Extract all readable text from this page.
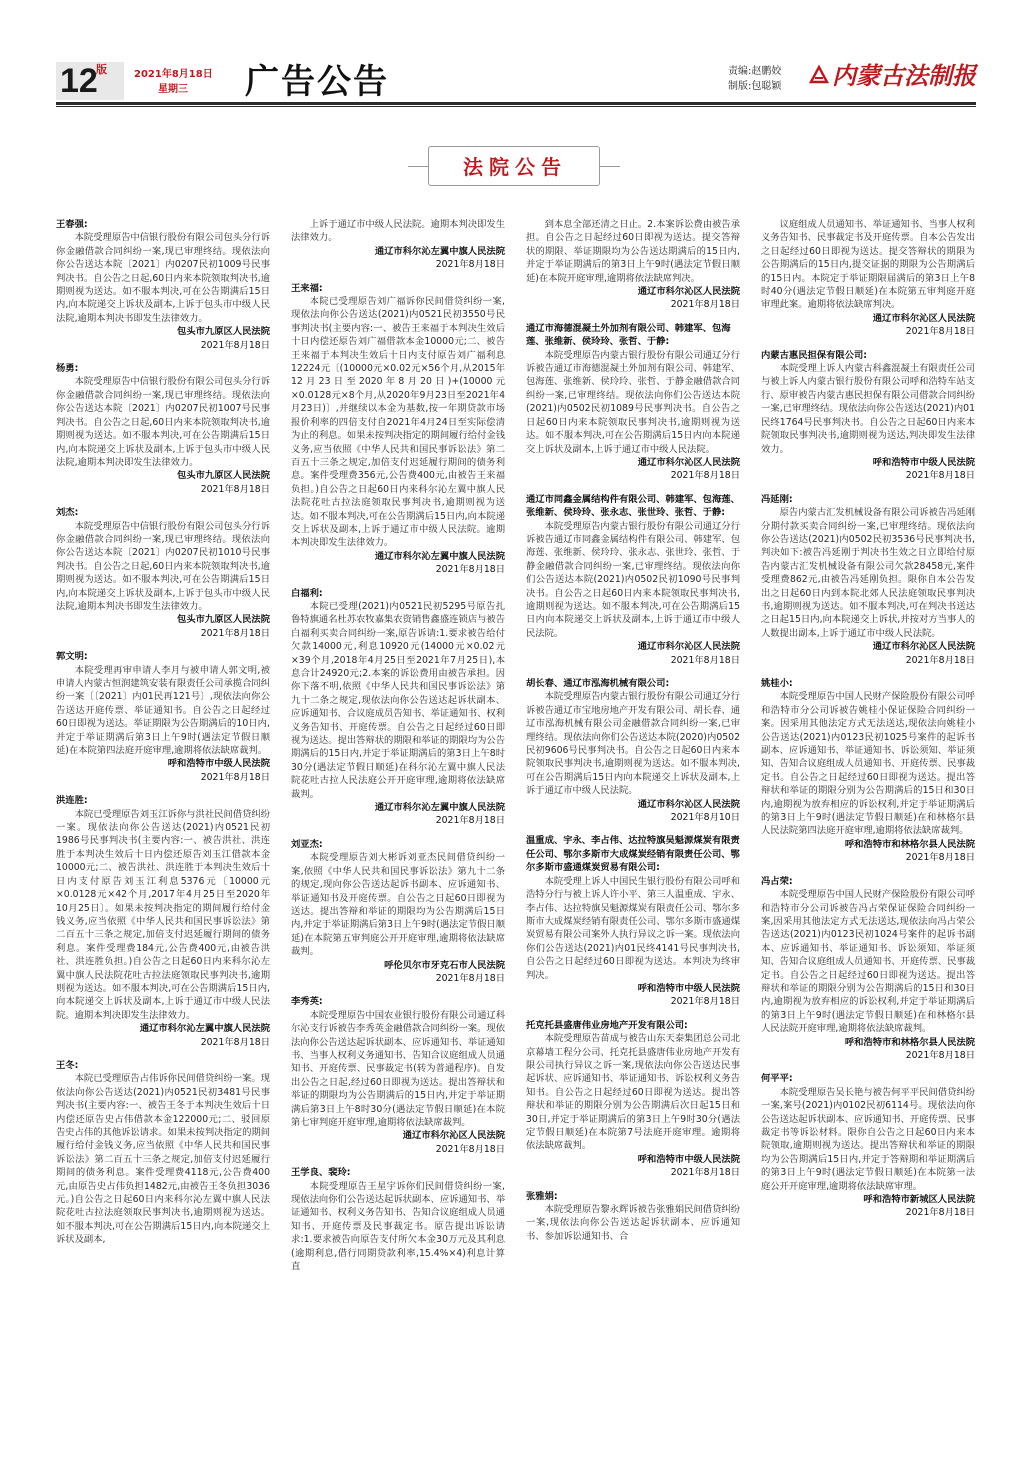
12
版	2021年8月18日
星期三 广告公告	责编:赵鹏姣
制版:包聪颖 内蒙古法制报
法院公告
王春强:
本院受理原告中信银行股份有限公司包头分行诉你金融借款合同纠纷一案,现已审理终结。现依法向你公告送达本院〔2021〕内0207民初1009号民事判决书。自公告之日起,60日内来本院领取判决书,逾期则视为送达。如不服本判决,可在公告期满后15日内,向本院递交上诉状及副本,上诉于包头市中级人民法院,逾期本判决书即发生法律效力。
包头市九原区人民法院
2021年8月18日
杨勇:
本院受理原告中信银行股份有限公司包头分行诉你金融借款合同纠纷一案,现已审理终结。现依法向你公告送达本院〔2021〕内0207民初1007号民事判决书。自公告之日起,60日内来本院领取判决书,逾期则视为送达。如不服本判决,可在公告期满后15日内,向本院递交上诉状及副本,上诉于包头市中级人民法院,逾期本判决即发生法律效力。
包头市九原区人民法院
2021年8月18日
刘杰:
本院受理原告中信银行股份有限公司包头分行诉你金融借款合同纠纷一案,现已审理终结。现依法向你公告送达本院〔2021〕内0207民初1010号民事判决书。自公告之日起,60日内来本院领取判决书,逾期则视为送达。如不服本判决,可在公告期满后15日内,向本院递交上诉状及副本,上诉于包头市中级人民法院,逾期本判决书即发生法律效力。
包头市九原区人民法院
2021年8月18日
郭文明:
本院受理再审申请人李月与被申请人郭文明,被申请人内蒙古恒润建筑安装有限责任公司承揽合同纠纷一案〔〔2021〕内01民再121号〕,现依法向你公告送达开庭传票、举证通知书。自公告之日起经过60日即视为送达。举证期限为公告期满后的10日内,并定于举证期满后第3日上午9时(遇法定节假日顺延)在本院第四法庭开庭审理,逾期将依法缺席裁判。
呼和浩特市中级人民法院
2021年8月18日
洪连胜:
本院已受理原告刘玉江诉你与洪社民间借贷纠纷一案。现依法向你公告送达(2021)内0521民初1986号民事判决书(主要内容:一、被告洪社、洪连胜于本判决生效后十日内偿还原告刘玉江借款本金10000元;二、被告洪社、洪连胜于本判决生效后十日内支付原告刘玉江利息5376元〔10000元×0.0128元×42个月,2017年4月25日至2020年10月25日〕。如果未按判决指定的期间履行给付金钱义务,应当依照《中华人民共和国民事诉讼法》第二百五十三条之规定,加倍支付迟延履行期间的债务利息。案件受理费184元,公告费400元,由被告洪社、洪连胜负担。)自公告之日起60日内来科尔沁左翼中旗人民法院花吐古拉法庭领取民事判决书,逾期则视为送达。如不服本判决,可在公告期满后15日内,向本院递交上诉状及副本,上诉于通辽市中级人民法院。逾期本判决即发生法律效力。
通辽市科尔沁左翼中旗人民法院
2021年8月18日
王冬:
本院已受理原告占伟诉你民间借贷纠纷一案。现依法向你公告送达(2021)内0521民初3481号民事判决书(主要内容:一、被告王冬于本判决生效后十日内偿还原告史占伟借款本金122000元;二、驳回原告史占伟的其他诉讼请求。如果未按判决指定的期间履行给付金钱义务,应当依照《中华人民共和国民事诉讼法》第二百五十三条之规定,加倍支付迟延履行期间的债务利息。案件受理费4118元,公告费400元,由原告史占伟负担1482元,由被告王冬负担3036元。)自公告之日起60日内来科尔沁左翼中旗人民法院花吐古拉法庭领取民事判决书,逾期则视为送达。如不服本判决,可在公告期满后15日内,向本院递交上诉状及副本,
上诉于通辽市中级人民法院。逾期本判决即发生法律效力。
通辽市科尔沁左翼中旗人民法院
2021年8月18日
王来福:
本院已受理原告刘广福诉你民间借贷纠纷一案,现依法向你公告送达(2021)内0521民初3550号民事判决书(主要内容:一、被告王来福于本判决生效后十日内偿还原告刘广福借款本金10000元;二、被告王来福于本判决生效后十日内支付原告刘广福利息12224元〔(10000元×0.02元×56个月,从2015年12月23日至2020年8月20日)+(10000元×0.0128元×8个月,从2020年9月23日至2021年4月23日)〕,并继续以本金为基数,按一年期贷款市场报价利率的四倍支付自2021年4月24日至实际偿清为止的利息。如果未按判决指定的期间履行给付金钱义务,应当依照《中华人民共和国民事诉讼法》第二百五十三条之规定,加倍支付迟延履行期间的债务利息。案件受理费356元,公告费400元,由被告王来福负担。)自公告之日起60日内来科尔沁左翼中旗人民法院花吐古拉法庭领取民事判决书,逾期则视为送达。如不服本判决,可在公告期满后15日内,向本院递交上诉状及副本,上诉于通辽市中级人民法院。逾期本判决即发生法律效力。
通辽市科尔沁左翼中旗人民法院
2021年8月18日
白福利:
本院已受理(2021)内0521民初5295号原告扎鲁特旗通名杜苏农牧嘉集农资销售鑫盛连锁店与被告白福利买卖合同纠纷一案,原告诉请:1.要求被告给付欠款14000元,利息10920元(14000元×0.02元×39个月,2018年4月25日至2021年7月25日),本息合计24920元;2.本案的诉讼费用由被告承担。因你下落不明,依照《中华人民共和国民事诉讼法》第九十二条之规定,现依法向你公告送达起诉状副本、应诉通知书、合议庭成员告知书、举证通知书、权利义务告知书、开庭传票。自公告之日起经过60日即视为送达。提出答辩状的期限和举证的期限均为公告期满后的15日内,并定于举证期满后的第3日上午8时30分(遇法定节假日顺延)在科尔沁左翼中旗人民法院花吐古拉人民法庭公开开庭审理,逾期将依法缺席裁判。
通辽市科尔沁左翼中旗人民法院
2021年8月18日
刘亚杰:
本院受理原告刘大彬诉刘亚杰民间借贷纠纷一案,依照《中华人民共和国民事诉讼法》第九十二条的规定,现向你公告送达起诉书副本、应诉通知书、举证通知书及开庭传票。自公告之日起60日即视为送达。提出答辩和举证的期限均为公告期满后15日内,并定于举证期满后第3日上午9时(遇法定节假日顺延)在本院第五审判庭公开开庭审理,逾期将依法缺席裁判。
呼伦贝尔市牙克石市人民法院
2021年8月18日
李秀英:
本院受理原告中国农业银行股份有限公司通辽科尔沁支行诉被告李秀英金融借款合同纠纷一案。现依法向你公告送达起诉状副本、应诉通知书、举证通知书、当事人权利义务通知书、告知合议庭组成人员通知书、开庭传票、民事裁定书(转为普通程序)。自发出公告之日起,经过60日即视为送达。提出答辩状和举证的期限均为公告期满后的15日内,并定于举证期满后第3日上午8时30分(遇法定节假日顺延)在本院第七审判庭开庭审理,逾期将依法缺席裁判。
通辽市科尔沁区人民法院
2021年8月18日
王学良、裴玲:
本院受理原告王星宇诉你们民间借贷纠纷一案,现依法向你们公告送达起诉状副本、应诉通知书、举证通知书、权利义务告知书、告知合议庭组成人员通知书、开庭传票及民事裁定书。原告提出诉讼请求:1.要求被告向原告支付所欠本金30万元及其利息(逾期利息,借行同期贷款利率,15.4%×4)利息计算直
到本息全部还清之日止。2.本案诉讼费由被告承担。自公告之日起经过60日即视为送达。提交答辩状的期限、举证期限均为公告送达期满后的15日内,并定于举证期满后的第3日上午9时(遇法定节假日顺延)在本院开庭审理,逾期将依法缺席判决。
通辽市科尔沁区人民法院
2021年8月18日
通辽市海德混凝土外加剂有限公司、韩建军、包海莲、张维新、侯玲玲、张哲、于静:
本院受理原告内蒙古银行股份有限公司通辽分行诉被告通辽市海德混凝土外加剂有限公司、韩建军、包海莲、张维新、侯玲玲、张哲、于静金融借款合同纠纷一案,已审理终结。现依法向你们公告送达本院(2021)内0502民初1089号民事判决书。自公告之日起60日内来本院领取民事判决书,逾期则视为送达。如不服本判决,可在公告期满后15日内向本院递交上诉状及副本,上诉于通辽市中级人民法院。
通辽市科尔沁区人民法院
2021年8月18日
通辽市同鑫金属结构件有限公司、韩建军、包海莲、张维新、侯玲玲、张永志、张世玲、张哲、于静:
本院受理原告内蒙古银行股份有限公司通辽分行诉被告通辽市同鑫金属结构件有限公司、韩建军、包海莲、张维新、侯玲玲、张永志、张世玲、张哲、于静金融借款合同纠纷一案,已审理终结。现依法向你们公告送达本院(2021)内0502民初1090号民事判决书。自公告之日起60日内来本院领取民事判决书,逾期则视为送达。如不服本判决,可在公告期满后15日内向本院递交上诉状及副本,上诉于通辽市中级人民法院。
通辽市科尔沁区人民法院
2021年8月18日
胡长春、通辽市泓海机械有限公司:
本院受理原告内蒙古银行股份有限公司通辽分行诉被告通辽市宝地房地产开发有限公司、胡长春、通辽市泓海机械有限公司金融借款合同纠纷一案,已审理终结。现依法向你们公告送达本院(2020)内0502民初9606号民事判决书。自公告之日起60日内来本院领取民事判决书,逾期则视为送达。如不服本判决,可在公告期满后15日内向本院递交上诉状及副本,上诉于通辽市中级人民法院。
通辽市科尔沁区人民法院
2021年8月10日
温重成、宇永、李占伟、达拉特旗吴魁源煤炭有限责任公司、鄂尔多斯市大成煤炭经销有限责任公司、鄂尔多斯市盛通煤炭贸易有限公司:
本院受理上诉人中国民生银行股份有限公司呼和浩特分行与被上诉人许小平、第三人温重成、宇永、李占伟、达拉特旗吴魁源煤炭有限责任公司、鄂尔多斯市大成煤炭经销有限责任公司、鄂尔多斯市盛通煤炭贸易有限公司案外人执行异议之诉一案。现依法向你们公告送达(2021)内01民终4141号民事判决书,自公告之日起经过60日即视为送达。本判决为终审判决。
呼和浩特市中级人民法院
2021年8月18日
托克托县盛唐伟业房地产开发有限公司:
本院受理原告苗成与被告山东天泰集团总公司北京幕墙工程分公司、托克托县盛唐伟业房地产开发有限公司执行异议之诉一案,现依法向你公告送达民事起诉状、应诉通知书、举证通知书、诉讼权利义务告知书。自公告之日起经过60日即视为送达。提出答辩状和举证的期限分别为公告期满后次日起15日和30日,并定于举证期满后的第3日上午9时30分(遇法定节假日顺延)在本院第7号法庭开庭审理。逾期将依法缺席裁判。
呼和浩特市中级人民法院
2021年8月18日
张雅娟:
本院受理原告黎永辉诉被告张雅娟民间借贷纠纷一案,现依法向你公告送达起诉状副本、应诉通知书、参加诉讼通知书、合
议庭组成人员通知书、举证通知书、当事人权利义务告知书、民事裁定书及开庭传票。自本公告发出之日起经过60日即视为送达。提交答辩状的期限为公告期满后的15日内,提交证据的期限为公告期满后的15日内。本院定于举证期限届满后的第3日上午8时40分(遇法定节假日顺延)在本院第五审判庭开庭审理此案。逾期将依法缺席判决。
通辽市科尔沁区人民法院
2021年8月18日
内蒙古惠民担保有限公司:
本院受理上诉人内蒙古科鑫混凝土有限责任公司与被上诉人内蒙古银行股份有限公司呼和浩特车站支行、原审被告内蒙古惠民担保有限公司借款合同纠纷一案,已审理终结。现依法向你公告送达(2021)内01民终1764号民事判决书。自公告之日起60日内来本院领取民事判决书,逾期则视为送达,判决即发生法律效力。
呼和浩特市中级人民法院
2021年8月18日
冯延刚:
原告内蒙古汇发机械设备有限公司诉被告冯延刚分期付款买卖合同纠纷一案,已审理终结。现依法向你公告送达(2021)内0502民初3536号民事判决书,判决如下:被告冯延刚于判决书生效之日立即给付原告内蒙古汇发机械设备有限公司欠款28458元,案件受理费862元,由被告冯延刚负担。限你自本公告发出之日起60日内到本院北郊人民法庭领取民事判决书,逾期则视为送达。如不服本判决,可在判决书送达之日起15日内,向本院递交上诉状,并按对方当事人的人数提出副本,上诉于通辽市中级人民法院。
通辽市科尔沁区人民法院
2021年8月18日
姚桂小:
本院受理原告中国人民财产保险股份有限公司呼和浩特市分公司诉被告姚桂小保证保险合同纠纷一案。因采用其他法定方式无法送达,现依法向姚桂小公告送达(2021)内0123民初1025号案件的起诉书副本、应诉通知书、举证通知书、诉讼须知、举证须知、告知合议庭组成人员通知书、开庭传票、民事裁定书。自公告之日起经过60日即视为送达。提出答辩状和举证的期限分别为公告期满后的15日和30日内,逾期视为放弃相应的诉讼权利,并定于举证期满后的第3日上午9时(遇法定节假日顺延)在和林格尔县人民法院第四法庭开庭审理,逾期将依法缺席裁判。
呼和浩特市和林格尔县人民法院
2021年8月18日
冯占荣:
本院受理原告中国人民财产保险股份有限公司呼和浩特市分公司诉被告冯占荣保证保险合同纠纷一案,因采用其他法定方式无法送达,现依法向冯占荣公告送达(2021)内0123民初1024号案件的起诉书副本、应诉通知书、举证通知书、诉讼须知、举证须知、告知合议庭组成人员通知书、开庭传票、民事裁定书。自公告之日起经过60日即视为送达。提出答辩状和举证的期限分别为公告期满后的15日和30日内,逾期视为放弃相应的诉讼权利,并定于举证期满后的第3日上午9时(遇法定节假日顺延)在和林格尔县人民法院开庭审理,逾期将依法缺席裁判。
呼和浩特市和林格尔县人民法院
2021年8月18日
何平平:
本院受理原告吴长艳与被告何平平民间借贷纠纷一案,案号(2021)内0102民初6114号。现依法向你公告送达起诉状副本、应诉通知书、开庭传票、民事裁定书等诉讼材料。限你自公告之日起60日内来本院领取,逾期则视为送达。提出答辩状和举证的期限均为公告期满后15日内,并定于答辩期和举证期满后的第3日上午9时(遇法定节假日顺延)在本院第一法庭公开开庭审理,逾期将依法缺席审理。
呼和浩特市新城区人民法院
2021年8月18日
